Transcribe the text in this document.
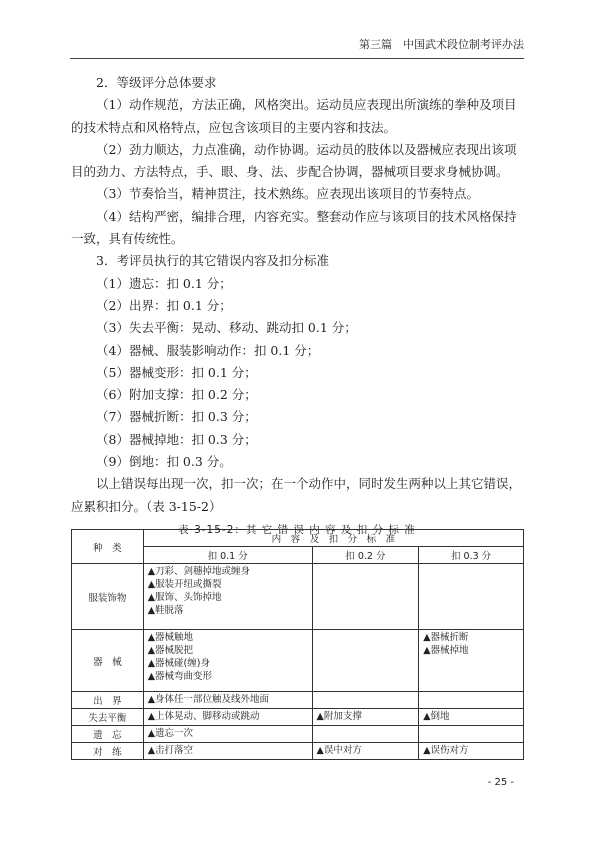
第三篇　中国武术段位制考评办法
2．等级评分总体要求
（1）动作规范，方法正确，风格突出。运动员应表现出所演练的拳种及项目
的技术特点和风格特点，应包含该项目的主要内容和技法。
（2）劲力顺达，力点准确，动作协调。运动员的肢体以及器械应表现出该项
目的劲力、方法特点，手、眼、身、法、步配合协调，器械项目要求身械协调。
（3）节奏恰当，精神贯注，技术熟练。应表现出该项目的节奏特点。
（4）结构严密，编排合理，内容充实。整套动作应与该项目的技术风格保持
一致，具有传统性。
3．考评员执行的其它错误内容及扣分标准
（1）遗忘：扣 0.1 分；
（2）出界：扣 0.1 分；
（3）失去平衡：晃动、移动、跳动扣 0.1 分；
（4）器械、服装影响动作：扣 0.1 分；
（5）器械变形：扣 0.1 分；
（6）附加支撑：扣 0.2 分；
（7）器械折断：扣 0.3 分；
（8）器械掉地：扣 0.3 分；
（9）倒地：扣 0.3 分。
以上错误每出现一次，扣一次；在一个动作中，同时发生两种以上其它错误，
应累积扣分。（表 3-15-2）
表 3-15-2：其 它 错 误 内 容 及 扣 分 标 准
种　类	内　容　及　扣　分　标　准		
	扣 0.1 分	扣 0.2 分	扣 0.3 分
服装饰物	▲刀彩、剑穗掉地或缠身
▲服装开纽或撕裂
▲服饰、头饰掉地
▲鞋脱落		

器　械	▲器械触地
▲器械脱把
▲器械碰(缠)身
▲器械弯曲变形		▲器械折断
▲器械掉地

出　界	▲身体任一部位触及线外地面		

失去平衡	▲上体晃动、脚移动或跳动	▲附加支撑	▲倒地

遗　忘	▲遗忘一次		

对　练	▲击打落空	▲误中对方	▲误伤对方
- 25 -
